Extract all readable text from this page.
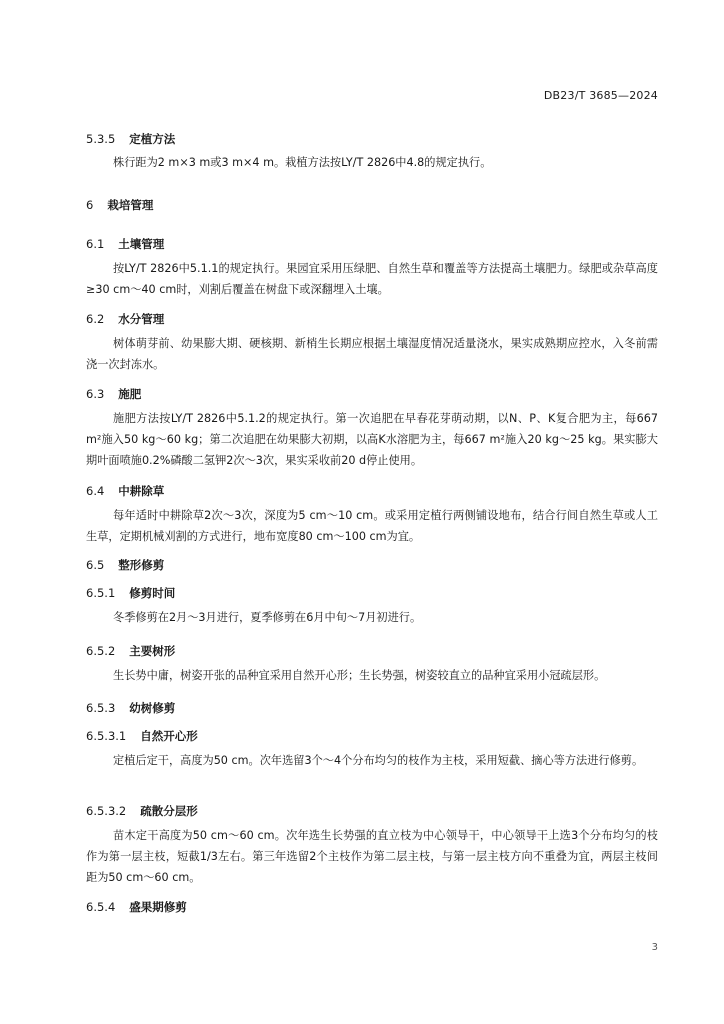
DB23/T 3685—2024
5.3.5 定植方法

株行距为2 m×3 m或3 m×4 m。栽植方法按LY/T 2826中4.8的规定执行。

6 栽培管理
6.1 土壤管理

按LY/T 2826中5.1.1的规定执行。果园宜采用压绿肥、自然生草和覆盖等方法提高土壤肥力。绿肥或杂草高度≥30 cm～40 cm时，刈割后覆盖在树盘下或深翻埋入土壤。

6.2 水分管理

树体萌芽前、幼果膨大期、硬核期、新梢生长期应根据土壤湿度情况适量浇水，果实成熟期应控水，入冬前需浇一次封冻水。

6.3 施肥

施肥方法按LY/T 2826中5.1.2的规定执行。第一次追肥在早春花芽萌动期，以N、P、K复合肥为主，每667 m²施入50 kg～60 kg；第二次追肥在幼果膨大初期，以高K水溶肥为主，每667 m²施入20 kg～25 kg。果实膨大期叶面喷施0.2%磷酸二氢钾2次～3次，果实采收前20 d停止使用。

6.4 中耕除草

每年适时中耕除草2次～3次，深度为5 cm～10 cm。或采用定植行两侧铺设地布，结合行间自然生草或人工生草，定期机械刈割的方式进行，地布宽度80 cm～100 cm为宜。

6.5 整形修剪
6.5.1 修剪时间

冬季修剪在2月～3月进行，夏季修剪在6月中旬～7月初进行。

6.5.2 主要树形

生长势中庸，树姿开张的品种宜采用自然开心形；生长势强，树姿较直立的品种宜采用小冠疏层形。

6.5.3 幼树修剪
6.5.3.1 自然开心形

定植后定干，高度为50 cm。次年选留3个～4个分布均匀的枝作为主枝，采用短截、摘心等方法进行修剪。

6.5.3.2 疏散分层形

苗木定干高度为50 cm～60 cm。次年选生长势强的直立枝为中心领导干，中心领导干上选3个分布均匀的枝作为第一层主枝，短截1/3左右。第三年选留2个主枝作为第二层主枝，与第一层主枝方向不重叠为宜，两层主枝间距为50 cm～60 cm。

6.5.4 盛果期修剪
3
